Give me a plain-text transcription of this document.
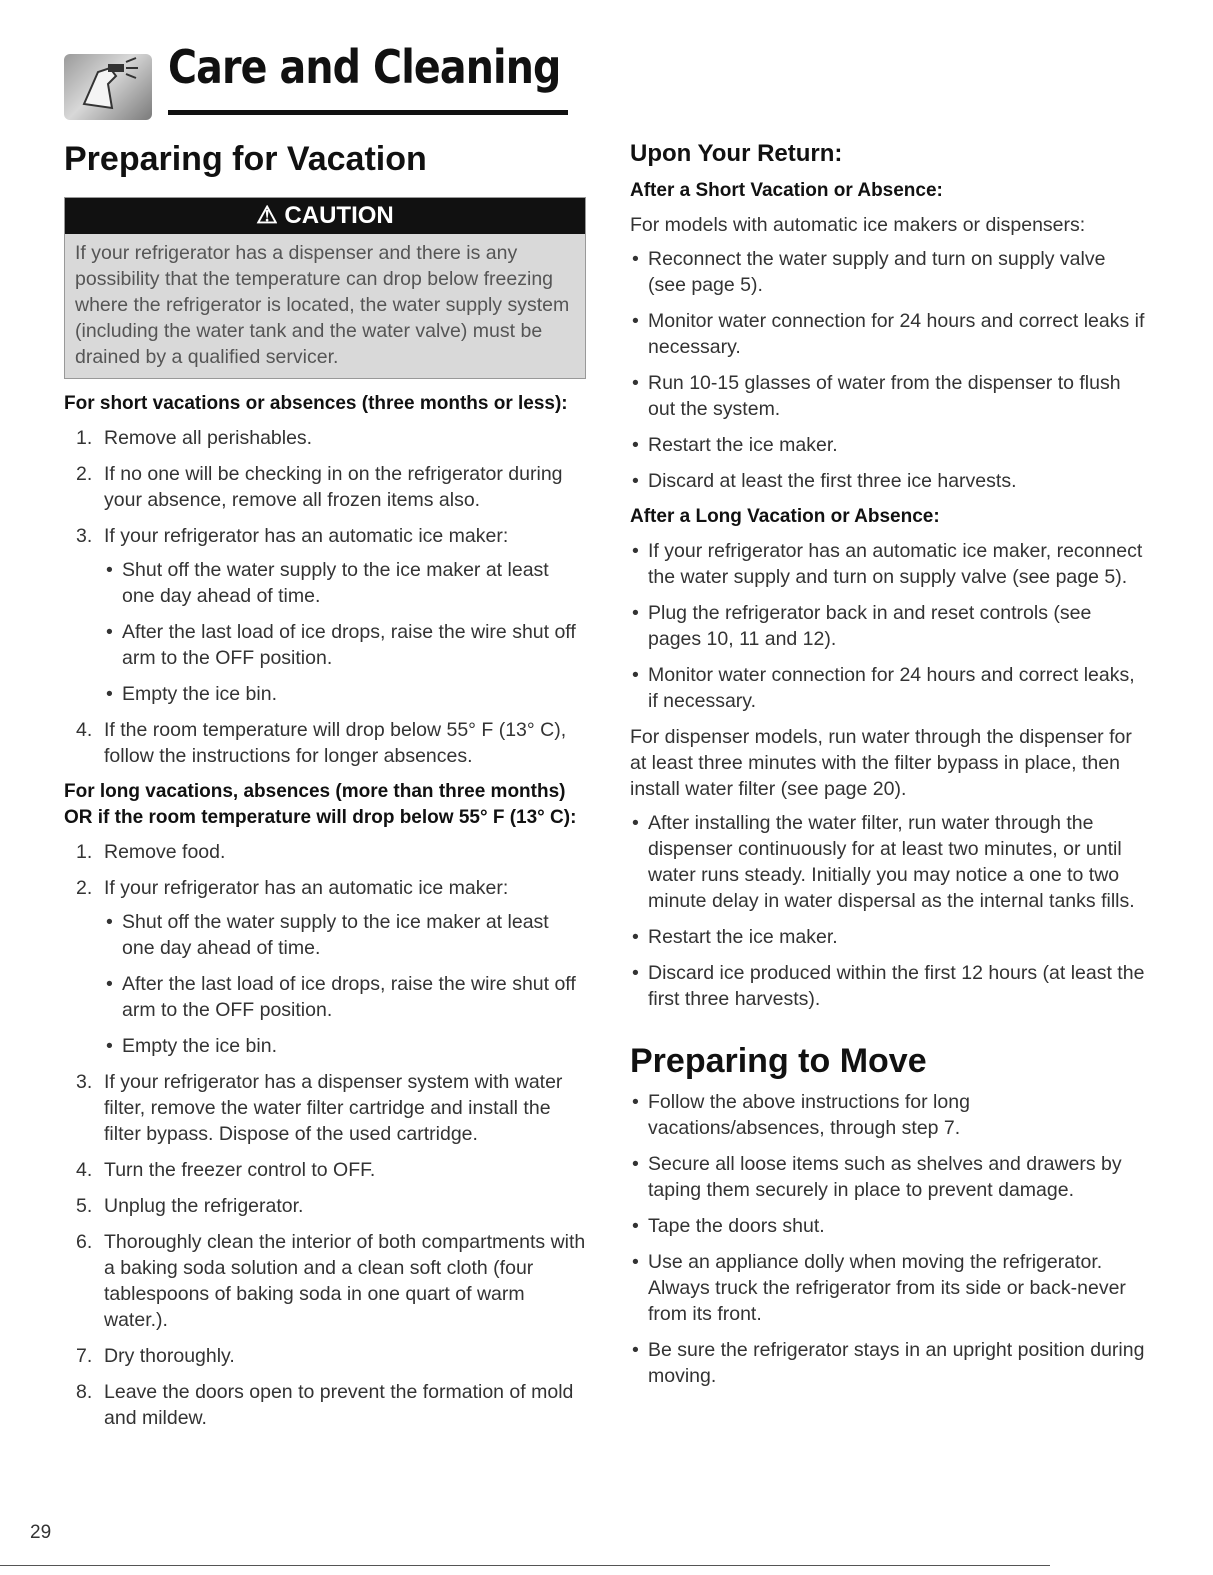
Care and Cleaning
Preparing for Vacation
⚠ CAUTION
If your refrigerator has a dispenser and there is any possibility that the temperature can drop below freezing where the refrigerator is located, the water supply system (including the water tank and the water valve) must be drained by a qualified servicer.
For short vacations or absences (three months or less):
1. Remove all perishables.
2. If no one will be checking in on the refrigerator during your absence, remove all frozen items also.
3. If your refrigerator has an automatic ice maker:
• Shut off the water supply to the ice maker at least one day ahead of time.
• After the last load of ice drops, raise the wire shut off arm to the OFF position.
• Empty the ice bin.
4. If the room temperature will drop below 55° F (13° C), follow the instructions for longer absences.
For long vacations, absences (more than three months) OR if the room temperature will drop below 55° F (13° C):
1. Remove food.
2. If your refrigerator has an automatic ice maker:
• Shut off the water supply to the ice maker at least one day ahead of time.
• After the last load of ice drops, raise the wire shut off arm to the OFF position.
• Empty the ice bin.
3. If your refrigerator has a dispenser system with water filter, remove the water filter cartridge and install the filter bypass. Dispose of the used cartridge.
4. Turn the freezer control to OFF.
5. Unplug the refrigerator.
6. Thoroughly clean the interior of both compartments with a baking soda solution and a clean soft cloth (four tablespoons of baking soda in one quart of warm water.).
7. Dry thoroughly.
8. Leave the doors open to prevent the formation of mold and mildew.
Upon Your Return:
After a Short Vacation or Absence:

For models with automatic ice makers or dispensers:

• Reconnect the water supply and turn on supply valve (see page 5).
• Monitor water connection for 24 hours and correct leaks if necessary.
• Run 10-15 glasses of water from the dispenser to flush out the system.
• Restart the ice maker.
• Discard at least the first three ice harvests.
After a Long Vacation or Absence:
• If your refrigerator has an automatic ice maker, reconnect the water supply and turn on supply valve (see page 5).
• Plug the refrigerator back in and reset controls (see pages 10, 11 and 12).
• Monitor water connection for 24 hours and correct leaks, if necessary.

For dispenser models, run water through the dispenser for at least three minutes with the filter bypass in place, then install water filter (see page 20).

• After installing the water filter, run water through the dispenser continuously for at least two minutes, or until water runs steady. Initially you may notice a one to two minute delay in water dispersal as the internal tanks fills.
• Restart the ice maker.
• Discard ice produced within the first 12 hours (at least the first three harvests).
Preparing to Move
• Follow the above instructions for long vacations/absences, through step 7.
• Secure all loose items such as shelves and drawers by taping them securely in place to prevent damage.
• Tape the doors shut.
• Use an appliance dolly when moving the refrigerator. Always truck the refrigerator from its side or back-never from its front.
• Be sure the refrigerator stays in an upright position during moving.
29
